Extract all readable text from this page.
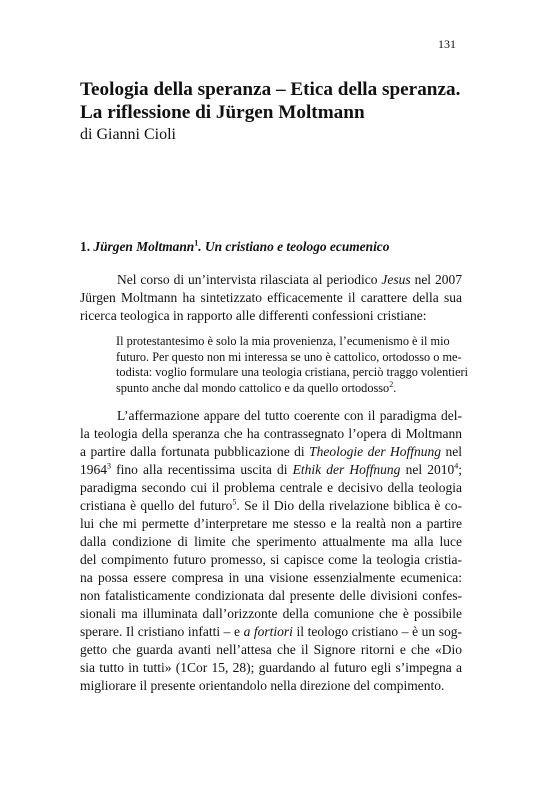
131
Teologia della speranza – Etica della speranza.
La riflessione di Jürgen Moltmann
di Gianni Cioli
1. Jürgen Moltmann$^1$. Un cristiano e teologo ecumenico

Nel corso di un’intervista rilasciata al periodico Jesus nel 2007
Jürgen Moltmann ha sintetizzato efficacemente il carattere della sua
ricerca teologica in rapporto alle differenti confessioni cristiane:

Il protestantesimo è solo la mia provenienza, l’ecumenismo è il mio
futuro. Per questo non mi interessa se uno è cattolico, ortodosso o me-
todista: voglio formulare una teologia cristiana, perciò traggo volentieri
spunto anche dal mondo cattolico e da quello ortodosso$^2$.

L’affermazione appare del tutto coerente con il paradigma del-
la teologia della speranza che ha contrassegnato l’opera di Moltmann
a partire dalla fortunata pubblicazione di Theologie der Hoffnung nel
1964$^3$ fino alla recentissima uscita di Ethik der Hoffnung nel 2010$^4$;
paradigma secondo cui il problema centrale e decisivo della teologia
cristiana è quello del futuro$^5$. Se il Dio della rivelazione biblica è co-
lui che mi permette d’interpretare me stesso e la realtà non a partire
dalla condizione di limite che sperimento attualmente ma alla luce
del compimento futuro promesso, si capisce come la teologia cristia-
na possa essere compresa in una visione essenzialmente ecumenica:
non fatalisticamente condizionata dal presente delle divisioni confes-
sionali ma illuminata dall’orizzonte della comunione che è possibile
sperare. Il cristiano infatti – e a fortiori il teologo cristiano – è un sog-
getto che guarda avanti nell’attesa che il Signore ritorni e che «Dio
sia tutto in tutti» (1Cor 15, 28); guardando al futuro egli s’impegna a
migliorare il presente orientandolo nella direzione del compimento.
